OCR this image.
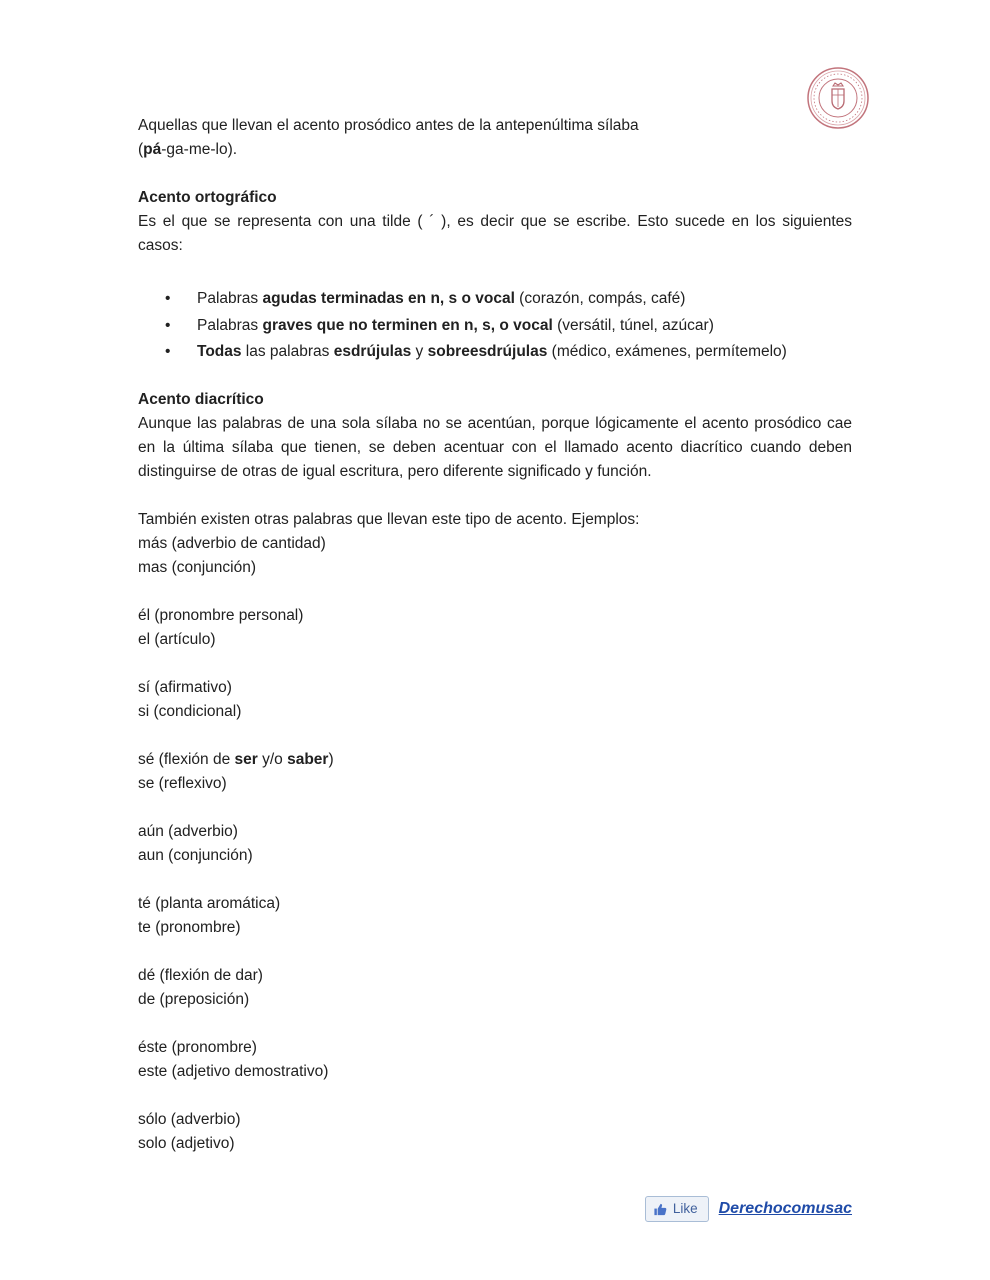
Aquellas que llevan el acento prosódico antes de la antepenúltima sílaba
(pá-ga-me-lo).
Acento ortográfico
Es el que se representa con una tilde ( ´ ), es decir que se escribe. Esto sucede en los siguientes casos:
•	Palabras agudas terminadas en n, s o vocal (corazón, compás, café)
•	Palabras graves que no terminen en n, s, o vocal (versátil, túnel, azúcar)
•	Todas las palabras esdrújulas y sobreesdrújulas (médico, exámenes, permítemelo)
Acento diacrítico
Aunque las palabras de una sola sílaba no se acentúan, porque lógicamente el acento prosódico cae en la última sílaba que tienen, se deben acentuar con el llamado acento diacrítico cuando deben distinguirse de otras de igual escritura, pero diferente significado y función.
También existen otras palabras que llevan este tipo de acento. Ejemplos:
más (adverbio de cantidad)
mas (conjunción)
él (pronombre personal)
el (artículo)
sí (afirmativo)
si (condicional)
sé (flexión de ser y/o saber)
se (reflexivo)
aún (adverbio)
aun (conjunción)
té (planta aromática)
te (pronombre)
dé (flexión de dar)
de (preposición)
éste (pronombre)
este (adjetivo demostrativo)
sólo (adverbio)
solo (adjetivo)
Like Derechocomusac
